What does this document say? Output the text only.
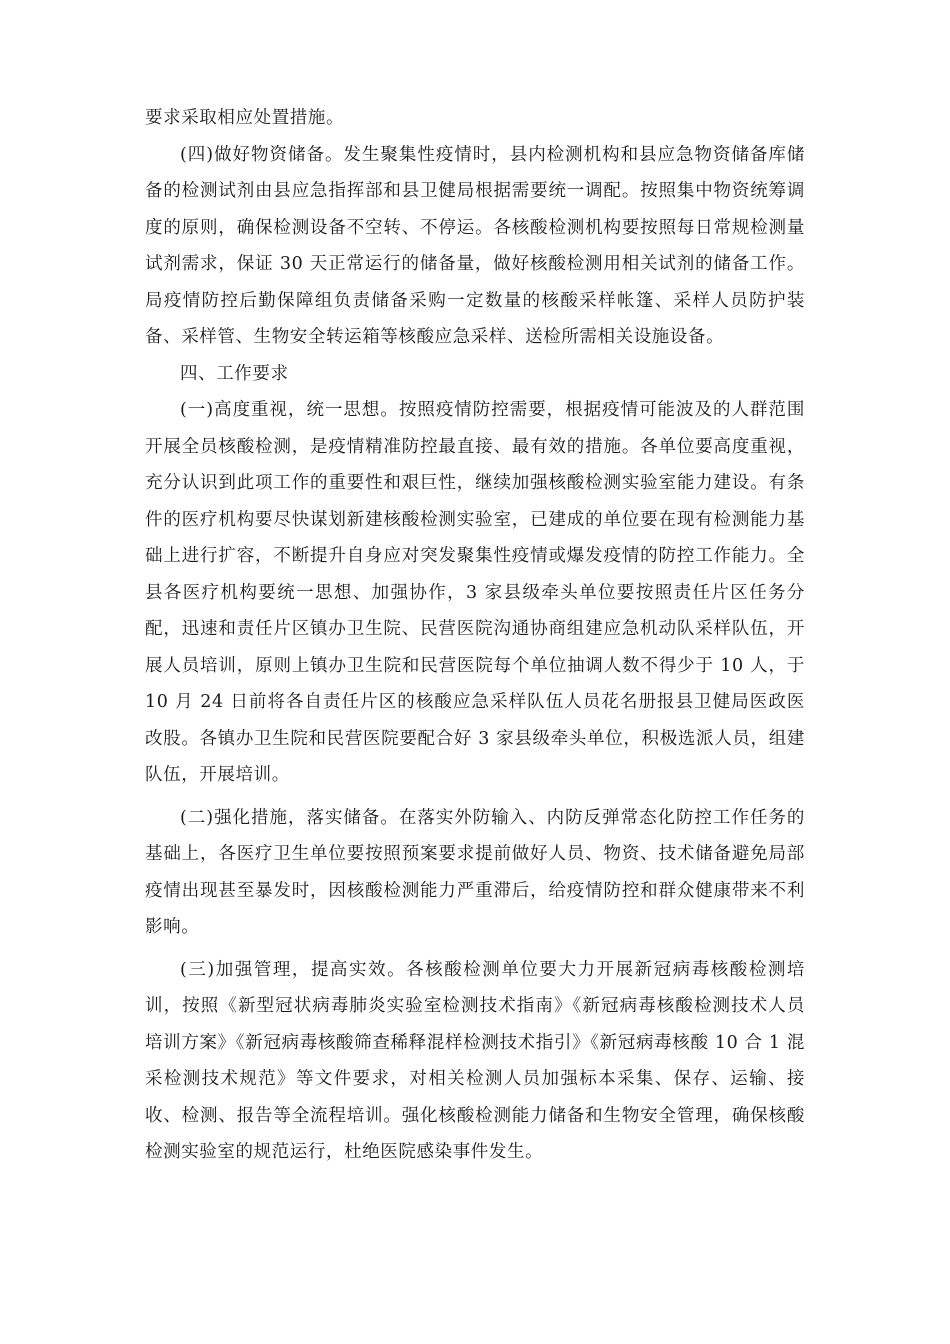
要求采取相应处置措施。

(四)做好物资储备。发生聚集性疫情时，县内检测机构和县应急物资储备库储备的检测试剂由县应急指挥部和县卫健局根据需要统一调配。按照集中物资统筹调度的原则，确保检测设备不空转、不停运。各核酸检测机构要按照每日常规检测量试剂需求，保证 30 天正常运行的储备量，做好核酸检测用相关试剂的储备工作。局疫情防控后勤保障组负责储备采购一定数量的核酸采样帐篷、采样人员防护装备、采样管、生物安全转运箱等核酸应急采样、送检所需相关设施设备。

四、工作要求

(一)高度重视，统一思想。按照疫情防控需要，根据疫情可能波及的人群范围开展全员核酸检测，是疫情精准防控最直接、最有效的措施。各单位要高度重视，充分认识到此项工作的重要性和艰巨性，继续加强核酸检测实验室能力建设。有条件的医疗机构要尽快谋划新建核酸检测实验室，已建成的单位要在现有检测能力基础上进行扩容，不断提升自身应对突发聚集性疫情或爆发疫情的防控工作能力。全县各医疗机构要统一思想、加强协作，3 家县级牵头单位要按照责任片区任务分配，迅速和责任片区镇办卫生院、民营医院沟通协商组建应急机动队采样队伍，开展人员培训，原则上镇办卫生院和民营医院每个单位抽调人数不得少于 10 人，于 10 月 24 日前将各自责任片区的核酸应急采样队伍人员花名册报县卫健局医政医改股。各镇办卫生院和民营医院要配合好 3 家县级牵头单位，积极选派人员，组建队伍，开展培训。

(二)强化措施，落实储备。在落实外防输入、内防反弹常态化防控工作任务的基础上，各医疗卫生单位要按照预案要求提前做好人员、物资、技术储备避免局部疫情出现甚至暴发时，因核酸检测能力严重滞后，给疫情防控和群众健康带来不利影响。

(三)加强管理，提高实效。各核酸检测单位要大力开展新冠病毒核酸检测培训，按照《新型冠状病毒肺炎实验室检测技术指南》《新冠病毒核酸检测技术人员培训方案》《新冠病毒核酸筛查稀释混样检测技术指引》《新冠病毒核酸 10 合 1 混采检测技术规范》等文件要求，对相关检测人员加强标本采集、保存、运输、接收、检测、报告等全流程培训。强化核酸检测能力储备和生物安全管理，确保核酸检测实验室的规范运行，杜绝医院感染事件发生。
